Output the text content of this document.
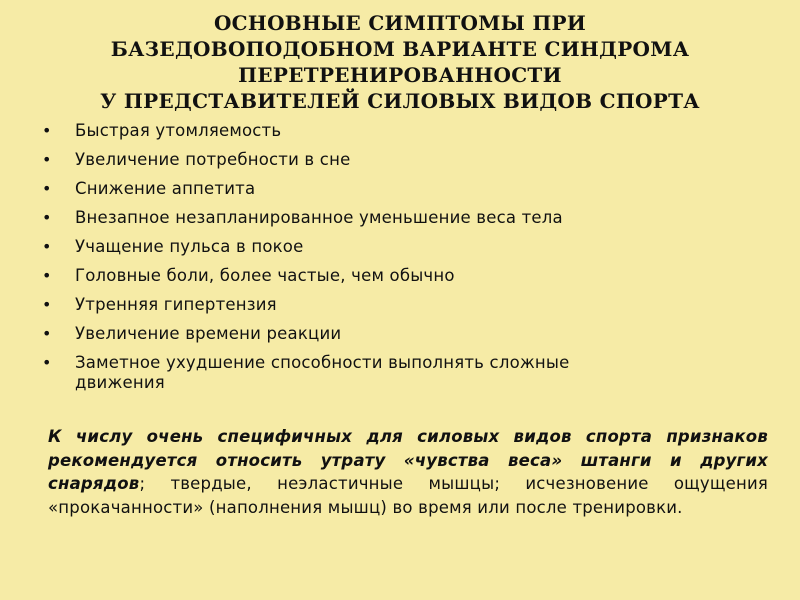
ОСНОВНЫЕ СИМПТОМЫ ПРИ
БАЗЕДОВОПОДОБНОМ ВАРИАНТЕ СИНДРОМА
ПЕРЕТРЕНИРОВАННОСТИ
У ПРЕДСТАВИТЕЛЕЙ СИЛОВЫХ ВИДОВ СПОРТА
• Быстрая утомляемость
• Увеличение потребности в сне
• Снижение аппетита
• Внезапное незапланированное уменьшение веса тела
• Учащение пульса в покое
• Головные боли, более частые, чем обычно
• Утренняя гипертензия
• Увеличение времени реакции
• Заметное ухудшение способности выполнять сложные
движения
К числу очень специфичных для силовых видов спорта признаков рекомендуется относить утрату «чувства веса» штанги и других снарядов; твердые, неэластичные мышцы; исчезновение ощущения «прокачанности» (наполнения мышц) во время или после тренировки.
